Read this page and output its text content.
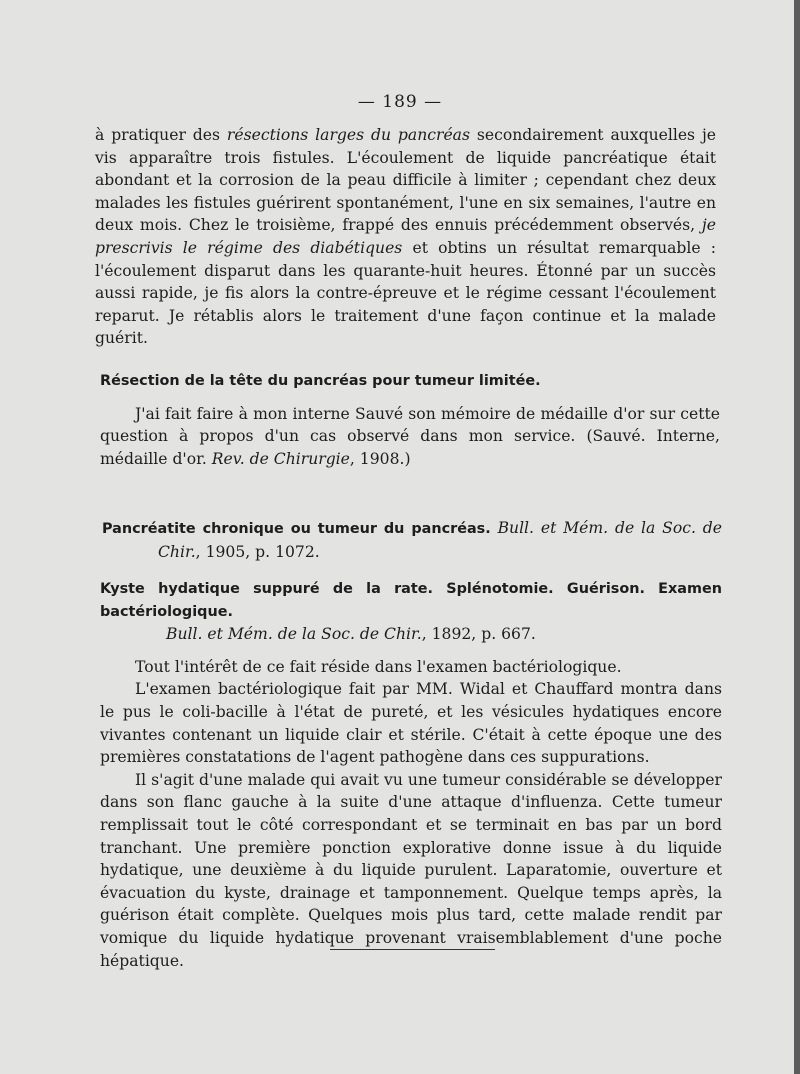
— 189 —

à pratiquer des résections larges du pancréas secondairement auxquelles je vis apparaître trois fistules. L'écoulement de liquide pancréatique était abondant et la corrosion de la peau difficile à limiter ; cependant chez deux malades les fistules guérirent spontanément, l'une en six semaines, l'autre en deux mois. Chez le troisième, frappé des ennuis précédemment observés, je prescrivis le régime des diabétiques et obtins un résultat remarquable : l'écoulement disparut dans les quarante-huit heures. Étonné par un succès aussi rapide, je fis alors la contre-épreuve et le régime cessant l'écoulement reparut. Je rétablis alors le traitement d'une façon continue et la malade guérit.

Résection de la tête du pancréas pour tumeur limitée.

J'ai fait faire à mon interne Sauvé son mémoire de médaille d'or sur cette question à propos d'un cas observé dans mon service. (Sauvé. Interne, médaille d'or. Rev. de Chirurgie, 1908.)

Pancréatite chronique ou tumeur du pancréas. Bull. et Mém. de la Soc. de Chir., 1905, p. 1072.

Kyste hydatique suppuré de la rate. Splénotomie. Guérison. Examen bactériologique.

Bull. et Mém. de la Soc. de Chir., 1892, p. 667.

Tout l'intérêt de ce fait réside dans l'examen bactériologique.

L'examen bactériologique fait par MM. Widal et Chauffard montra dans le pus le coli-bacille à l'état de pureté, et les vésicules hydatiques encore vivantes contenant un liquide clair et stérile. C'était à cette époque une des premières constatations de l'agent pathogène dans ces suppurations.

Il s'agit d'une malade qui avait vu une tumeur considérable se développer dans son flanc gauche à la suite d'une attaque d'influenza. Cette tumeur remplissait tout le côté correspondant et se terminait en bas par un bord tranchant. Une première ponction explorative donne issue à du liquide hydatique, une deuxième à du liquide purulent. Laparatomie, ouverture et évacuation du kyste, drainage et tamponnement. Quelque temps après, la guérison était complète. Quelques mois plus tard, cette malade rendit par vomique du liquide hydatique provenant vraisemblablement d'une poche hépatique.
